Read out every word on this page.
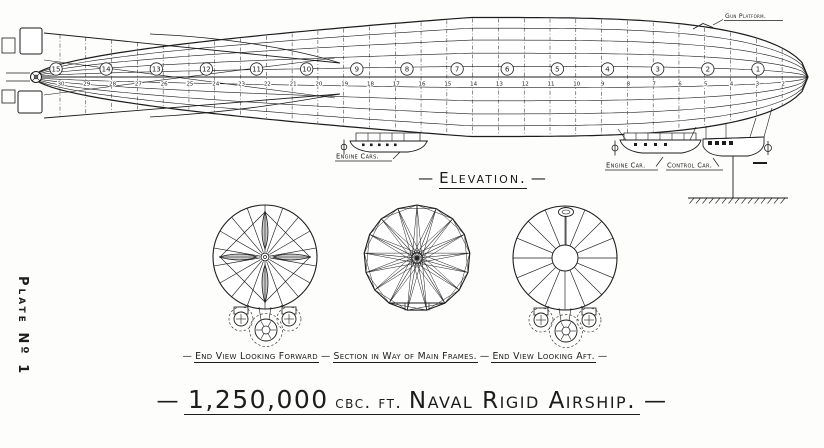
Gun Platform.
Engine Cars.
Engine Car.	Control Car.
30	29	28	27	26	25	24	23	22	21	20	19	18	17	16	15	14	13	12	11	10	9	8	7	6	5	4	3	2
15	14	13	12	11	10	9	8	7	6	5	4	3	2	1
Plate Nº 1
— Elevation. —
— End View Looking Forward — Section in Way of Main Frames. — End View Looking Aft. —
— 1,250,000 cbc. ft. Naval Rigid Airship. —
